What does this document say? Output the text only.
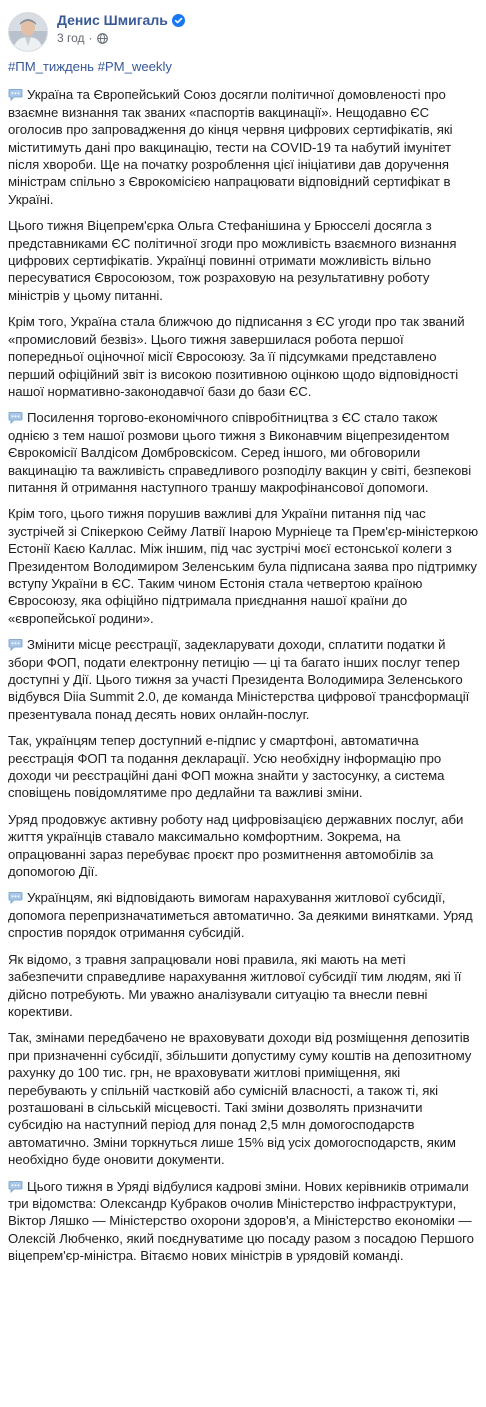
Денис Шмигаль
3 год ·
#ПМ_тиждень #PM_weekly

Україна та Європейський Союз досягли політичної домовленості про взаємне визнання так званих «паспортів вакцинації». Нещодавно ЄС оголосив про запровадження до кінця червня цифрових сертифікатів, які міститимуть дані про вакцинацію, тести на COVID-19 та набутий імунітет після хвороби. Ще на початку розроблення цієї ініціативи дав доручення міністрам спільно з Єврокомісією напрацювати відповідний сертифікат в Україні.

Цього тижня Віцепрем'єрка Ольга Стефанішина у Брюсселі досягла з представниками ЄС політичної згоди про можливість взаємного визнання цифрових сертифікатів. Українці повинні отримати можливість вільно пересуватися Євросоюзом, тож розраховую на результативну роботу міністрів у цьому питанні.

Крім того, Україна стала ближчою до підписання з ЄС угоди про так званий «промисловий безвіз». Цього тижня завершилася робота першої попередньої оціночної місії Євросоюзу. За її підсумками представлено перший офіційний звіт із високою позитивною оцінкою щодо відповідності нашої нормативно-законодавчої бази до бази ЄС.

Посилення торгово-економічного співробітництва з ЄС стало також однією з тем нашої розмови цього тижня з Виконавчим віцепрезидентом Єврокомісії Валдісом Домбровскісом. Серед іншого, ми обговорили вакцинацію та важливість справедливого розподілу вакцин у світі, безпекові питання й отримання наступного траншу макрофінансової допомоги.

Крім того, цього тижня порушив важливі для України питання під час зустрічей зі Спікеркою Сейму Латвії Інарою Мурніеце та Прем'єр-міністеркою Естонії Каєю Каллас. Між іншим, під час зустрічі моєї естонської колеги з Президентом Володимиром Зеленським була підписана заява про підтримку вступу України в ЄС. Таким чином Естонія стала четвертою країною Євросоюзу, яка офіційно підтримала приєднання нашої країни до «європейської родини».

Змінити місце реєстрації, задекларувати доходи, сплатити податки й збори ФОП, подати електронну петицію — ці та багато інших послуг тепер доступні у Дії. Цього тижня за участі Президента Володимира Зеленського відбувся Diia Summit 2.0, де команда Міністерства цифрової трансформації презентувала понад десять нових онлайн-послуг.

Так, українцям тепер доступний е-підпис у смартфоні, автоматична реєстрація ФОП та подання декларації. Усю необхідну інформацію про доходи чи реєстраційні дані ФОП можна знайти у застосунку, а система сповіщень повідомлятиме про дедлайни та важливі зміни.

Уряд продовжує активну роботу над цифровізацією державних послуг, аби життя українців ставало максимально комфортним. Зокрема, на опрацюванні зараз перебуває проєкт про розмитнення автомобілів за допомогою Дії.

Українцям, які відповідають вимогам нарахування житлової субсидії, допомога перепризначатиметься автоматично. За деякими винятками. Уряд спростив порядок отримання субсидій.

Як відомо, з травня запрацювали нові правила, які мають на меті забезпечити справедливе нарахування житлової субсидії тим людям, які її дійсно потребують. Ми уважно аналізували ситуацію та внесли певні корективи.

Так, змінами передбачено не враховувати доходи від розміщення депозитів при призначенні субсидії, збільшити допустиму суму коштів на депозитному рахунку до 100 тис. грн, не враховувати житлові приміщення, які перебувають у спільній частковій або сумісній власності, а також ті, які розташовані в сільській місцевості. Такі зміни дозволять призначити субсидію на наступний період для понад 2,5 млн домогосподарств автоматично. Зміни торкнуться лише 15% від усіх домогосподарств, яким необхідно буде оновити документи.

Цього тижня в Уряді відбулися кадрові зміни. Нових керівників отримали три відомства: Олександр Кубраков очолив Міністерство інфраструктури, Віктор Ляшко — Міністерство охорони здоров'я, а Міністерство економіки — Олексій Любченко, який поєднуватиме цю посаду разом з посадою Першого віцепрем'єр-міністра. Вітаємо нових міністрів в урядовій команді.
